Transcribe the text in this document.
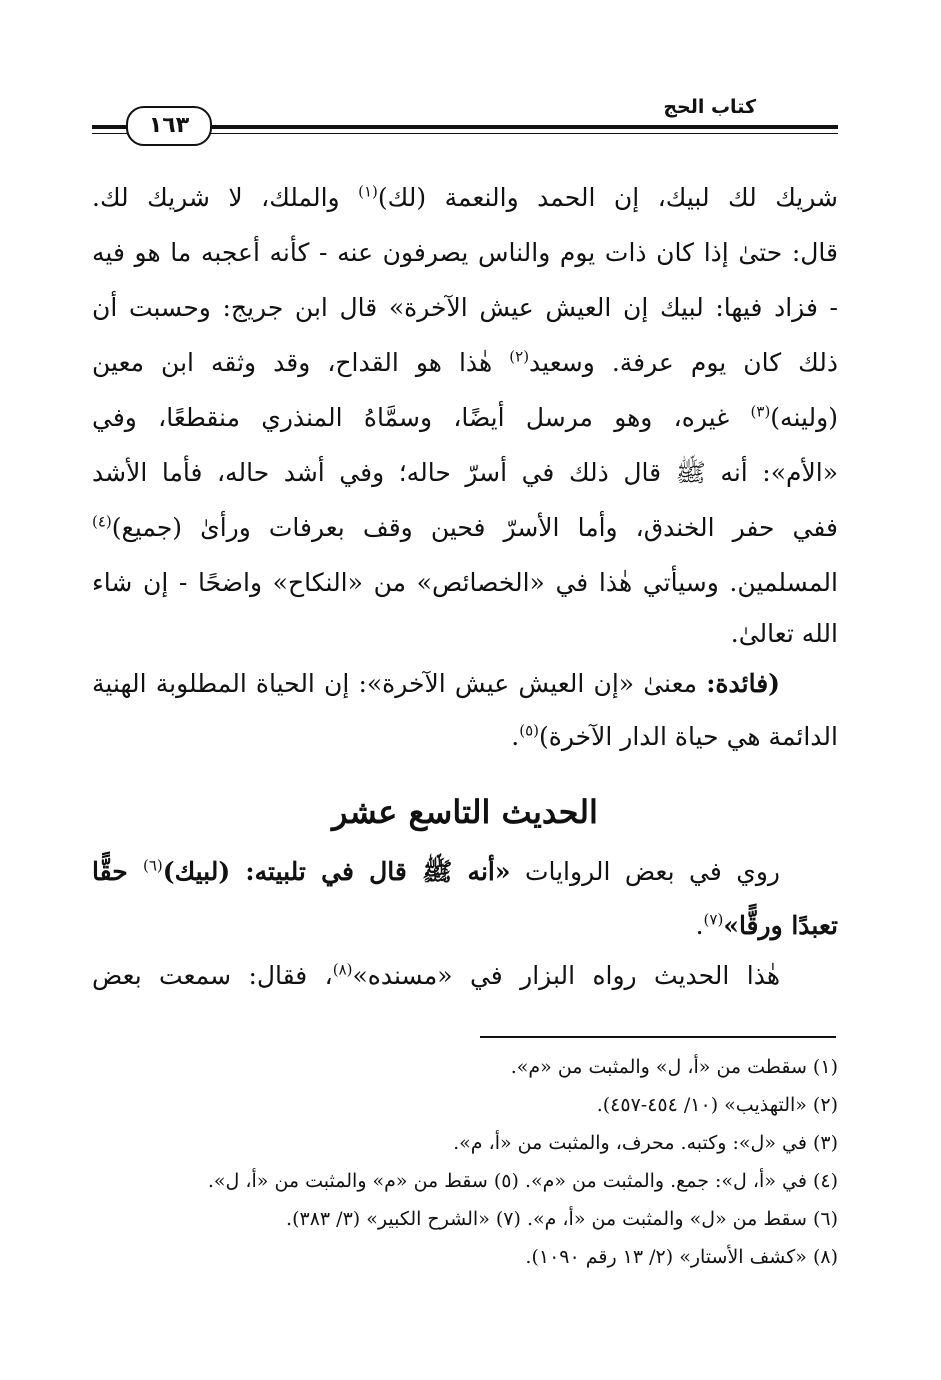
كتاب الحج
١٦٣
شريك لك لبيك، إن الحمد والنعمة (لك)$^{(١)}$ والملك، لا شريك لك.
قال: حتىٰ إذا كان ذات يوم والناس يصرفون عنه - كأنه أعجبه ما هو فيه
- فزاد فيها: لبيك إن العيش عيش الآخرة» قال ابن جريج: وحسبت أن
ذلك كان يوم عرفة. وسعيد$^{(٢)}$ هٰذا هو القداح، وقد وثقه ابن معين
(ولينه)$^{(٣)}$ غيره، وهو مرسل أيضًا، وسمَّاهُ المنذري منقطعًا، وفي
«الأم»: أنه ﷺ قال ذلك في أسرّ حاله؛ وفي أشد حاله، فأما الأشد
ففي حفر الخندق، وأما الأسرّ فحين وقف بعرفات ورأىٰ (جميع)$^{(٤)}$
المسلمين. وسيأتي هٰذا في «الخصائص» من «النكاح» واضحًا - إن شاء
الله تعالىٰ.
(فائدة: معنىٰ «إن العيش عيش الآخرة»: إن الحياة المطلوبة الهنية
الدائمة هي حياة الدار الآخرة)$^{(٥)}$.
الحديث التاسع عشر
روي في بعض الروايات «أنه ﷺ قال في تلبيته: (لبيك)$^{(٦)}$ حقًّا
تعبدًا ورقًّا»$^{(٧)}$.
هٰذا الحديث رواه البزار في «مسنده»$^{(٨)}$، فقال: سمعت بعض
(١) سقطت من «أ، ل» والمثبت من «م».
(٢) «التهذيب» (١٠/ ٤٥٤-٤٥٧).
(٣) في «ل»: وكتبه. محرف، والمثبت من «أ، م».
(٤) في «أ، ل»: جمع. والمثبت من «م». (٥) سقط من «م» والمثبت من «أ، ل».
(٦) سقط من «ل» والمثبت من «أ، م». (٧) «الشرح الكبير» (٣/ ٣٨٣).
(٨) «كشف الأستار» (٢/ ١٣ رقم ١٠٩٠).
